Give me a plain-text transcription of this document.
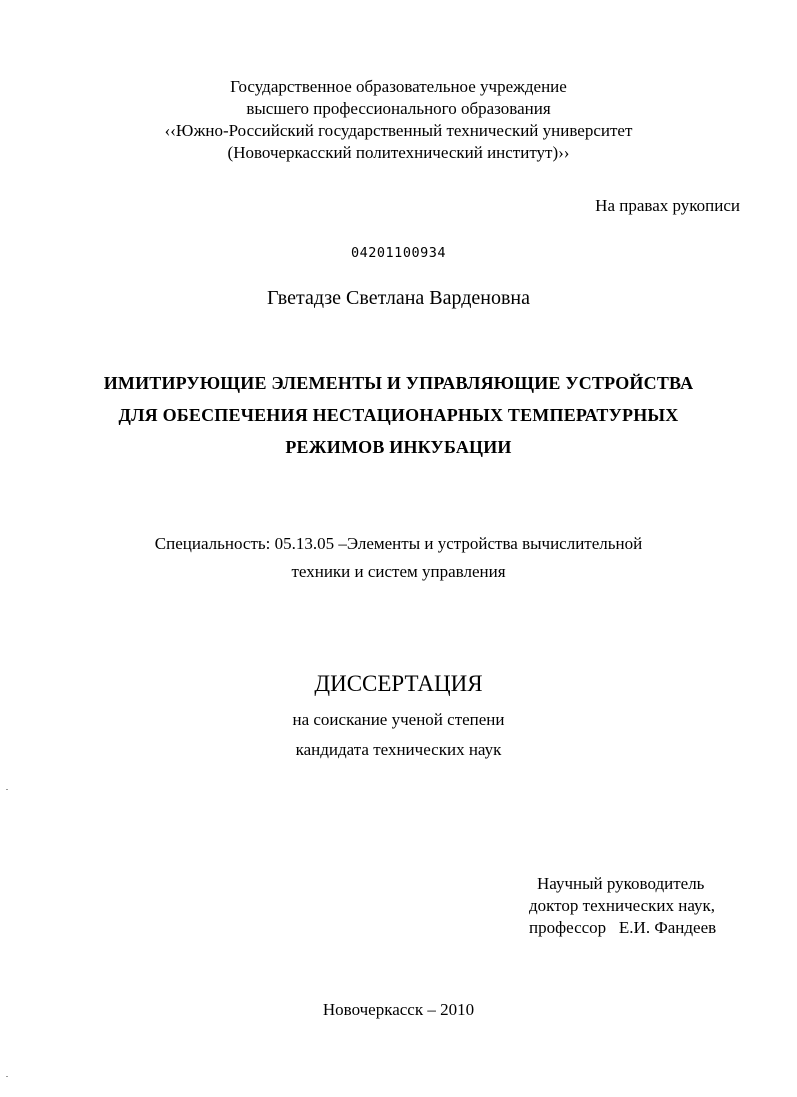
Государственное образовательное учреждение
высшего профессионального образования
‹‹Южно-Российский государственный технический университет
(Новочеркасский политехнический институт)››
На правах рукописи
04201100934
Гветадзе Светлана Варденовна
ИМИТИРУЮЩИЕ ЭЛЕМЕНТЫ И УПРАВЛЯЮЩИЕ УСТРОЙСТВА
ДЛЯ ОБЕСПЕЧЕНИЯ НЕСТАЦИОНАРНЫХ ТЕМПЕРАТУРНЫХ
РЕЖИМОВ ИНКУБАЦИИ
Специальность: 05.13.05 –Элементы и устройства вычислительной
техники и систем управления
ДИССЕРТАЦИЯ
на соискание ученой степени
кандидата технических наук
Научный руководитель
доктор технических наук,
профессор   Е.И. Фандеев
Новочеркасск – 2010
